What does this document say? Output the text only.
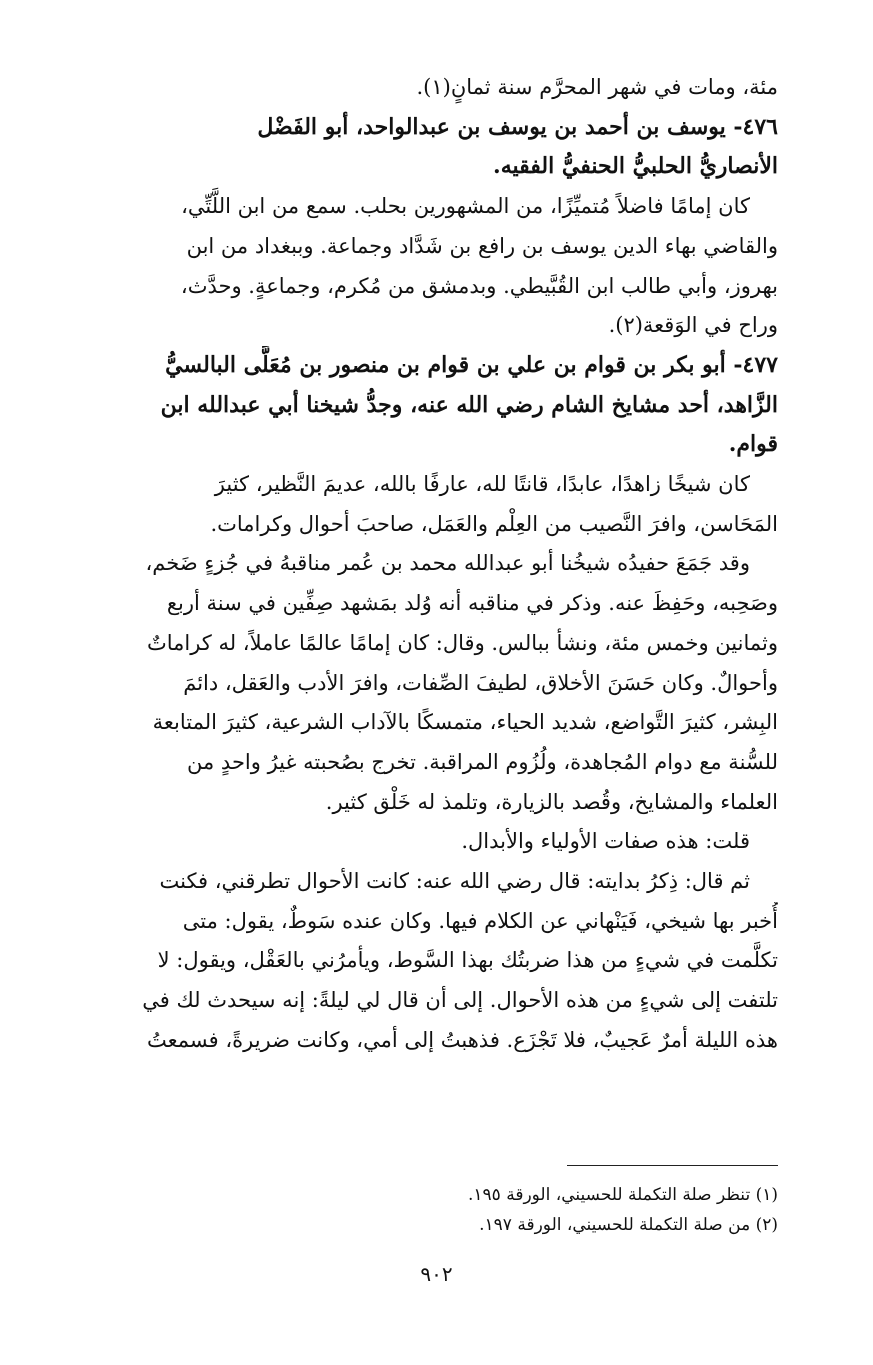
مئة، ومات في شهر المحرَّم سنة ثمانٍ(١).
٤٧٦- يوسف بن أحمد بن يوسف بن عبدالواحد، أبو الفَضْل
الأنصاريُّ الحلبيُّ الحنفيُّ الفقيه.
كان إمامًا فاضلاً مُتميِّزًا، من المشهورين بحلب. سمع من ابن اللَّتِّي،
والقاضي بهاء الدين يوسف بن رافع بن شَدَّاد وجماعة. وببغداد من ابن
بهروز، وأبي طالب ابن القُبَّيطي. وبدمشق من مُكرم، وجماعةٍ. وحدَّث،
وراح في الوَقعة(٢).
٤٧٧- أبو بكر بن قوام بن علي بن قوام بن منصور بن مُعَلَّى البالسيُّ
الزَّاهد، أحد مشايخ الشام رضي الله عنه، وجدُّ شيخنا أبي عبدالله ابن
قوام.
كان شيخًا زاهدًا، عابدًا، قانتًا لله، عارفًا بالله، عديمَ النَّظير، كثيرَ
المَحَاسن، وافرَ النَّصيب من العِلْم والعَمَل، صاحبَ أحوال وكرامات.
وقد جَمَعَ حفيدُه شيخُنا أبو عبدالله محمد بن عُمر مناقبهُ في جُزءٍ ضَخم،
وصَحِبه، وحَفِظَ عنه. وذكر في مناقبه أنه وُلد بمَشهد صِفِّين في سنة أربع
وثمانين وخمس مئة، ونشأ ببالس. وقال: كان إمامًا عالمًا عاملاً، له كراماتٌ
وأحوالٌ. وكان حَسَنَ الأخلاق، لطيفَ الصِّفات، وافرَ الأدب والعَقل، دائمَ
البِشر، كثيرَ التَّواضع، شديد الحياء، متمسكًا بالآداب الشرعية، كثيرَ المتابعة
للسُّنة مع دوام المُجاهدة، ولُزُوم المراقبة. تخرج بصُحبته غيرُ واحدٍ من
العلماء والمشايخ، وقُصد بالزيارة، وتلمذ له خَلْق كثير.
قلت: هذه صفات الأولياء والأبدال.
ثم قال: ذِكرُ بدايته: قال رضي الله عنه: كانت الأحوال تطرقني، فكنت
أُخبر بها شيخي، فَيَنْهاني عن الكلام فيها. وكان عنده سَوطٌ، يقول: متى
تكلَّمت في شيءٍ من هذا ضربتُك بهذا السَّوط، ويأمرُني بالعَقْل، ويقول: لا
تلتفت إلى شيءٍ من هذه الأحوال. إلى أن قال لي ليلةً: إنه سيحدث لك في
هذه الليلة أمرٌ عَجيبٌ، فلا تَجْزَع. فذهبتُ إلى أمي، وكانت ضريرةً، فسمعتُ
(١) تنظر صلة التكملة للحسيني، الورقة ١٩٥.
(٢) من صلة التكملة للحسيني، الورقة ١٩٧.
٩٠٢
